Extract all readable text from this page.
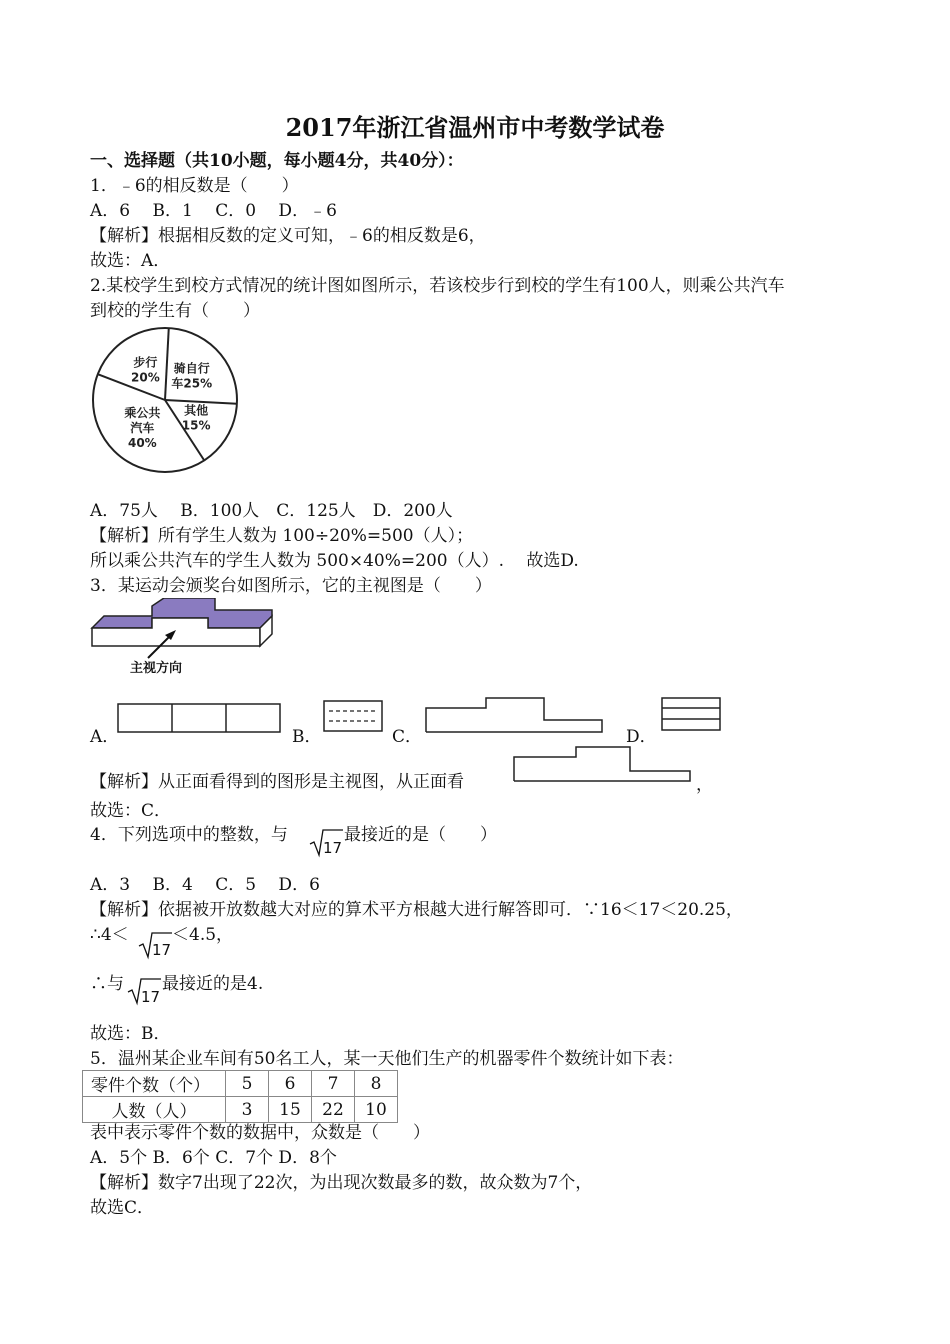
2017年浙江省温州市中考数学试卷
一、选择题（共10小题，每小题4分，共40分）：
1．﹣6的相反数是（　　）
A．6　 B．1　 C．0　 D．﹣6
【解析】根据相反数的定义可知，﹣6的相反数是6，
故选：A．
2.某校学生到校方式情况的统计图如图所示，若该校步行到校的学生有100人，则乘公共汽车
到校的学生有（　　）
骑自行
车25%
其他
15%
乘公共
汽车
40%
步行
20%
A．75人　 B．100人　C．125人　D．200人
【解析】所有学生人数为 100÷20%=500（人）；
所以乘公共汽车的学生人数为 500×40%=200（人）.　 故选D.
3．某运动会颁奖台如图所示，它的主视图是（　　）
主视方向
A．	B．	C．	D．
【解析】从正面看得到的图形是主视图，从正面看	，
故选：C．
4．下列选项中的整数，与
17
最接近的是（　　）
A．3　 B．4　 C．5　 D．6
【解析】依据被开放数越大对应的算术平方根越大进行解答即可．∵16＜17＜20.25，
∴4＜
17
＜4.5，
∴与
17
最接近的是4.
故选：B．
5．温州某企业车间有50名工人，某一天他们生产的机器零件个数统计如下表：
零件个数（个）	5	6	7	8
人数（人）	3	15	22	10
表中表示零件个数的数据中，众数是（　　）
A．5个 B．6个 C．7个 D．8个
【解析】数字7出现了22次，为出现次数最多的数，故众数为7个，
故选C．
